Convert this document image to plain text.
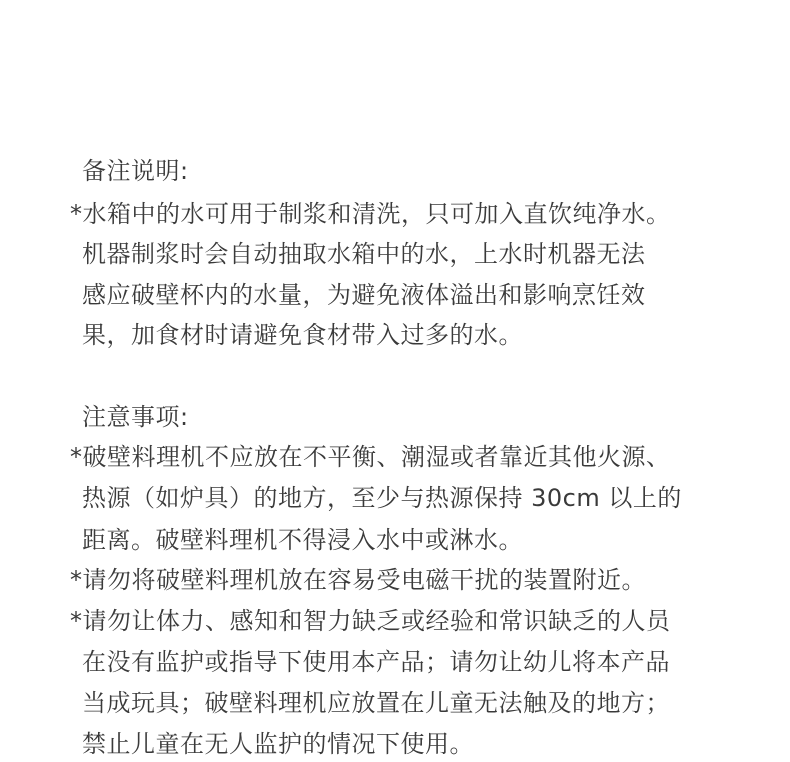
备注说明:
*水箱中的水可用于制浆和清洗，只可加入直饮纯净水。
机器制浆时会自动抽取水箱中的水，上水时机器无法
感应破壁杯内的水量，为避免液体溢出和影响烹饪效
果，加食材时请避免食材带入过多的水。
注意事项:
*破壁料理机不应放在不平衡、潮湿或者靠近其他火源、
热源（如炉具）的地方，至少与热源保持 30cm 以上的
距离。破壁料理机不得浸入水中或淋水。
*请勿将破壁料理机放在容易受电磁干扰的装置附近。
*请勿让体力、感知和智力缺乏或经验和常识缺乏的人员
在没有监护或指导下使用本产品；请勿让幼儿将本产品
当成玩具；破壁料理机应放置在儿童无法触及的地方；
禁止儿童在无人监护的情况下使用。
